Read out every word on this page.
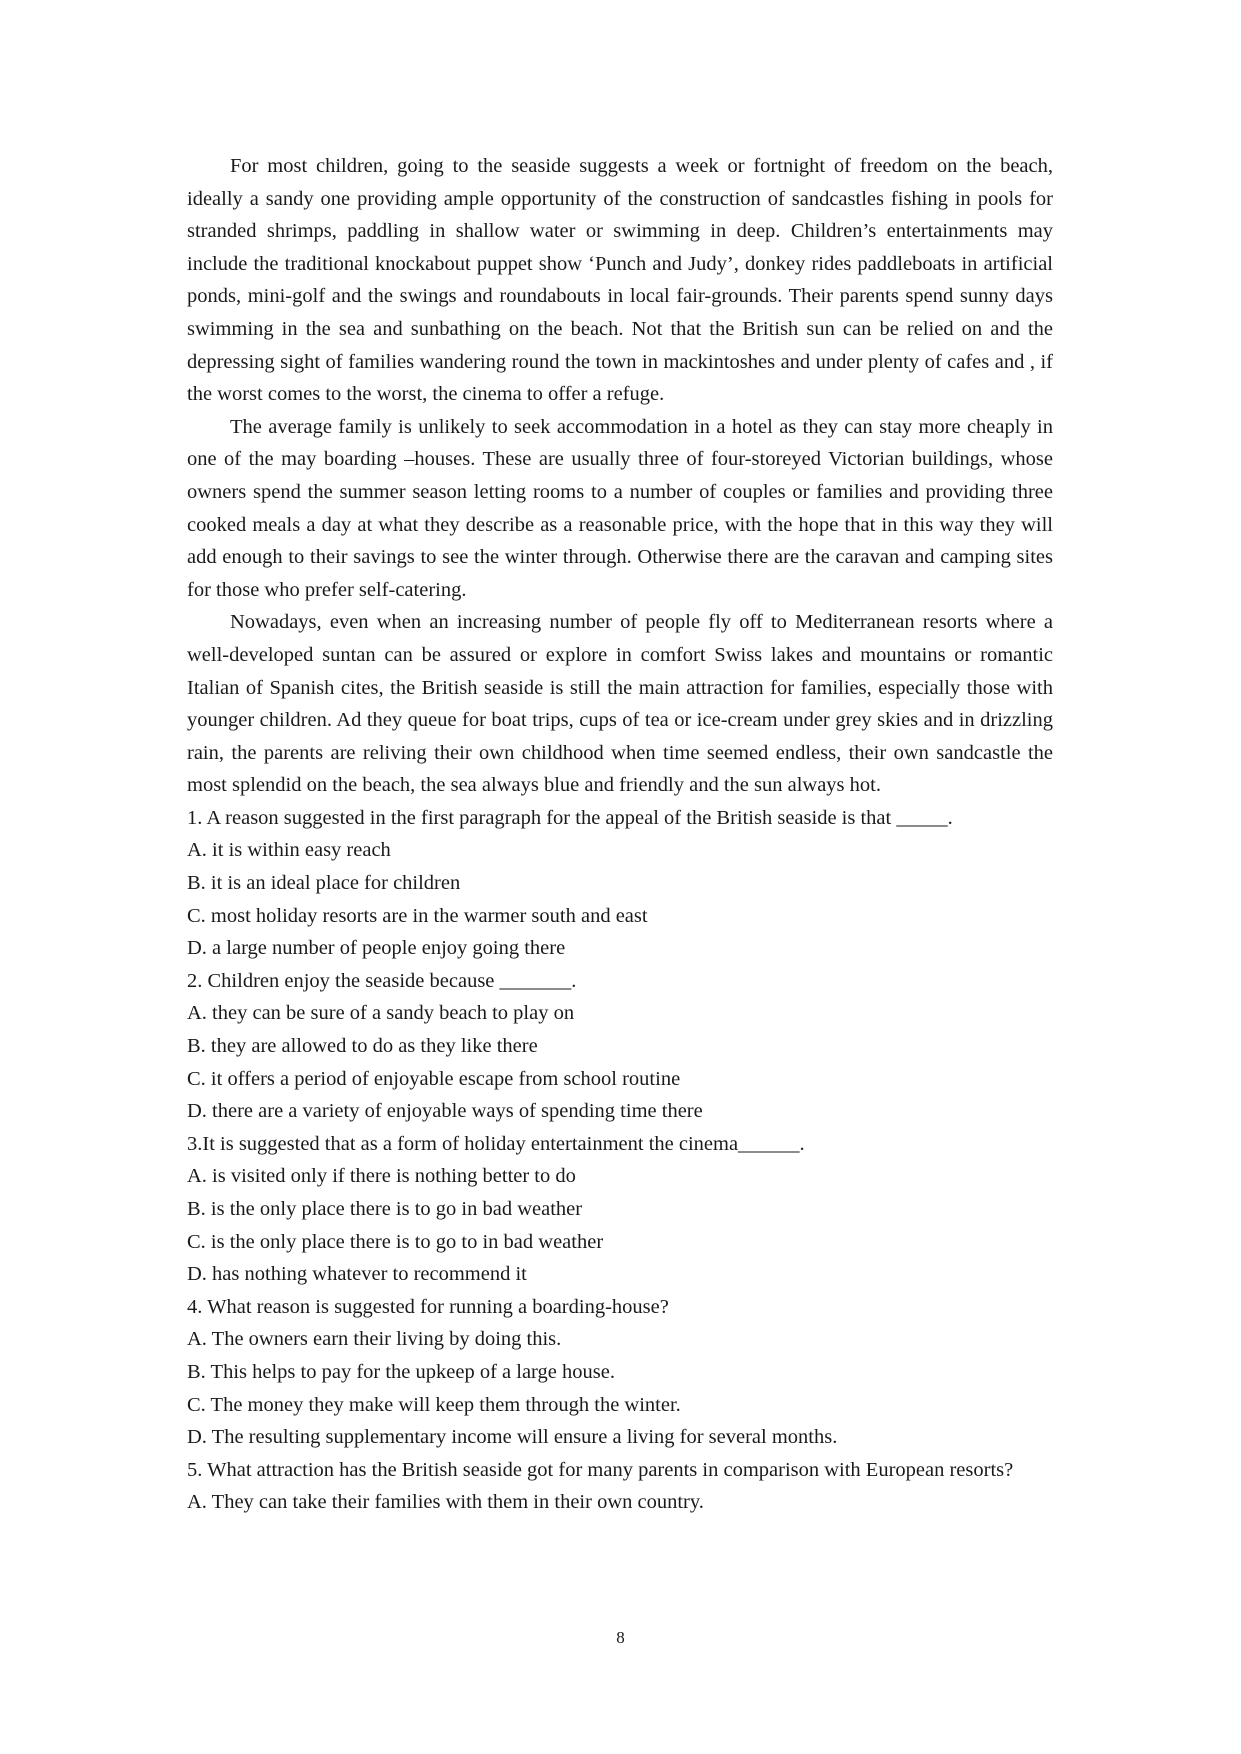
For most children, going to the seaside suggests a week or fortnight of freedom on the beach, ideally a sandy one providing ample opportunity of the construction of sandcastles fishing in pools for stranded shrimps, paddling in shallow water or swimming in deep. Children’s entertainments may include the traditional knockabout puppet show ‘Punch and Judy’, donkey rides paddleboats in artificial ponds, mini-golf and the swings and roundabouts in local fair-grounds. Their parents spend sunny days swimming in the sea and sunbathing on the beach. Not that the British sun can be relied on and the depressing sight of families wandering round the town in mackintoshes and under plenty of cafes and , if the worst comes to the worst, the cinema to offer a refuge.

The average family is unlikely to seek accommodation in a hotel as they can stay more cheaply in one of the may boarding –houses. These are usually three of four-storeyed Victorian buildings, whose owners spend the summer season letting rooms to a number of couples or families and providing three cooked meals a day at what they describe as a reasonable price, with the hope that in this way they will add enough to their savings to see the winter through. Otherwise there are the caravan and camping sites for those who prefer self-catering.

Nowadays, even when an increasing number of people fly off to Mediterranean resorts where a well-developed suntan can be assured or explore in comfort Swiss lakes and mountains or romantic Italian of Spanish cites, the British seaside is still the main attraction for families, especially those with younger children. Ad they queue for boat trips, cups of tea or ice-cream under grey skies and in drizzling rain, the parents are reliving their own childhood when time seemed endless, their own sandcastle the most splendid on the beach, the sea always blue and friendly and the sun always hot.

1. A reason suggested in the first paragraph for the appeal of the British seaside is that _____.

A. it is within easy reach

B. it is an ideal place for children

C. most holiday resorts are in the warmer south and east

D. a large number of people enjoy going there

2. Children enjoy the seaside because _______.

A. they can be sure of a sandy beach to play on

B. they are allowed to do as they like there

C. it offers a period of enjoyable escape from school routine

D. there are a variety of enjoyable ways of spending time there

3.It is suggested that as a form of holiday entertainment the cinema______.

A. is visited only if there is nothing better to do

B. is the only place there is to go in bad weather

C. is the only place there is to go to in bad weather

D. has nothing whatever to recommend it

4. What reason is suggested for running a boarding-house?

A. The owners earn their living by doing this.

B. This helps to pay for the upkeep of a large house.

C. The money they make will keep them through the winter.

D. The resulting supplementary income will ensure a living for several months.

5. What attraction has the British seaside got for many parents in comparison with European resorts?

A. They can take their families with them in their own country.

8
